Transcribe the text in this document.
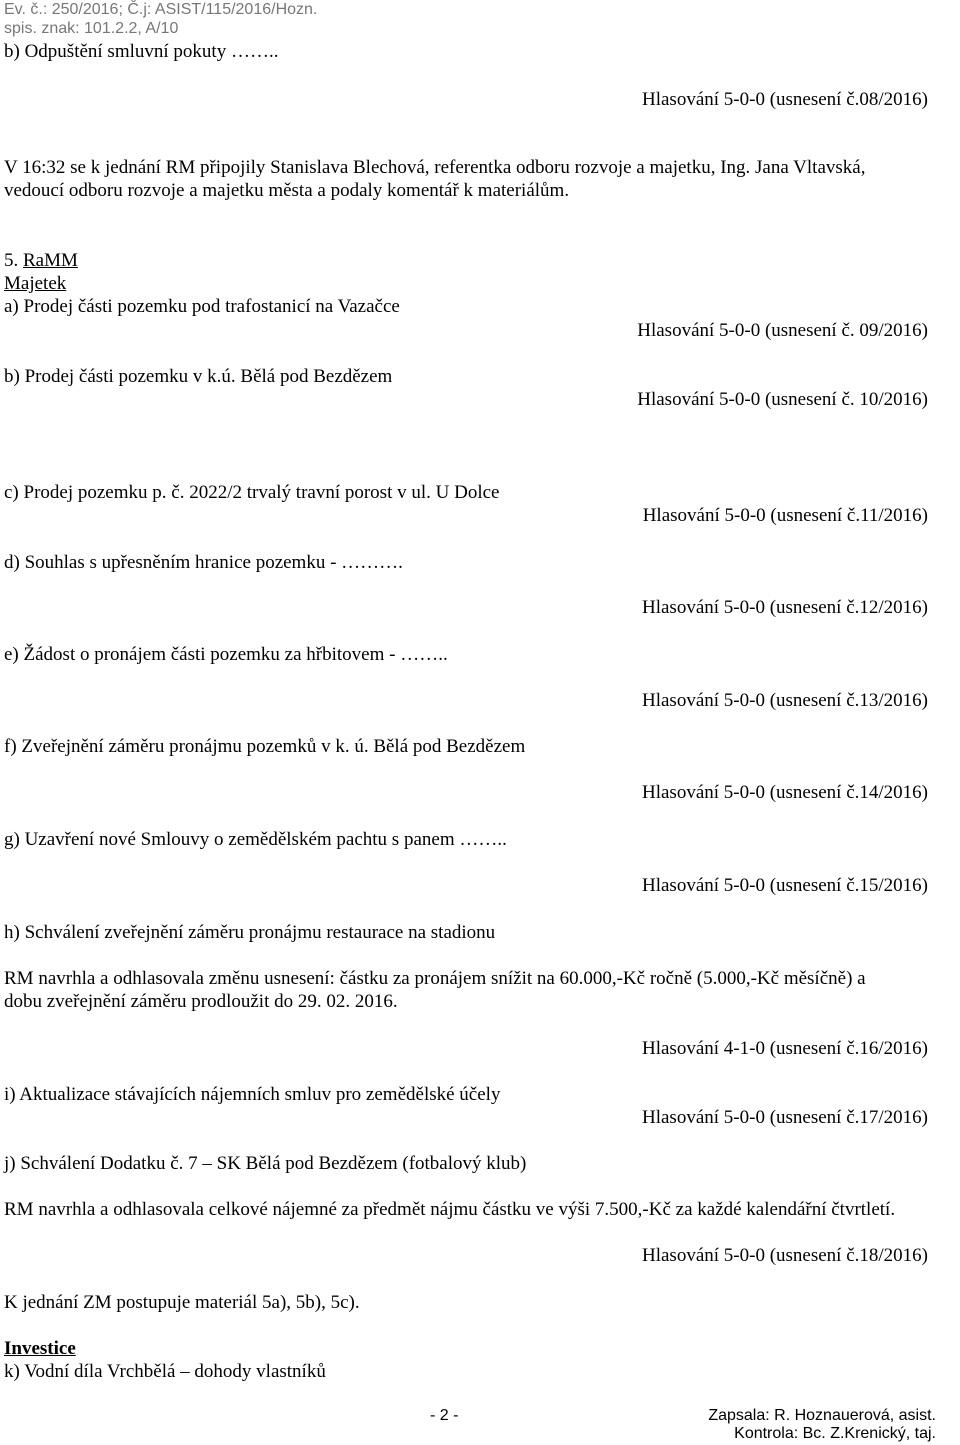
Ev. č.: 250/2016; Č.j: ASIST/115/2016/Hozn.
spis. znak: 101.2.2, A/10
b) Odpuštění smluvní pokuty ……..
Hlasování 5-0-0 (usnesení č.08/2016)
V 16:32 se k jednání RM připojily Stanislava Blechová, referentka odboru rozvoje a majetku, Ing. Jana Vltavská,
vedoucí odboru rozvoje a majetku města a podaly komentář k materiálům.
5. RaMM
Majetek
a) Prodej části pozemku pod trafostanicí na Vazačce
Hlasování 5-0-0 (usnesení č. 09/2016)
b) Prodej části pozemku v k.ú. Bělá pod Bezdězem
Hlasování 5-0-0 (usnesení č. 10/2016)
c) Prodej pozemku p. č. 2022/2 trvalý travní porost v ul. U Dolce
Hlasování 5-0-0 (usnesení č.11/2016)
d) Souhlas s upřesněním hranice pozemku - ……….
Hlasování 5-0-0 (usnesení č.12/2016)
e) Žádost o pronájem části pozemku za hřbitovem - ……..
Hlasování 5-0-0 (usnesení č.13/2016)
f) Zveřejnění záměru pronájmu pozemků v k. ú. Bělá pod Bezdězem
Hlasování 5-0-0 (usnesení č.14/2016)
g) Uzavření nové Smlouvy o zemědělském pachtu s panem ……..
Hlasování 5-0-0 (usnesení č.15/2016)
h) Schválení zveřejnění záměru pronájmu restaurace na stadionu
RM navrhla a odhlasovala změnu usnesení: částku za pronájem snížit na 60.000,-Kč ročně (5.000,-Kč měsíčně) a
dobu zveřejnění záměru prodloužit do 29. 02. 2016.
Hlasování 4-1-0 (usnesení č.16/2016)
i) Aktualizace stávajících nájemních smluv pro zemědělské účely
Hlasování 5-0-0 (usnesení č.17/2016)
j) Schválení Dodatku č. 7 – SK Bělá pod Bezdězem (fotbalový klub)
RM navrhla a odhlasovala celkové nájemné za předmět nájmu částku ve výši 7.500,-Kč za každé kalendářní čtvrtletí.
Hlasování 5-0-0 (usnesení č.18/2016)
K jednání ZM postupuje materiál 5a), 5b), 5c).
Investice
k) Vodní díla Vrchbělá – dohody vlastníků
- 2 -	Zapsala: R. Hoznauerová, asist.
Kontrola: Bc. Z.Krenický, taj.
